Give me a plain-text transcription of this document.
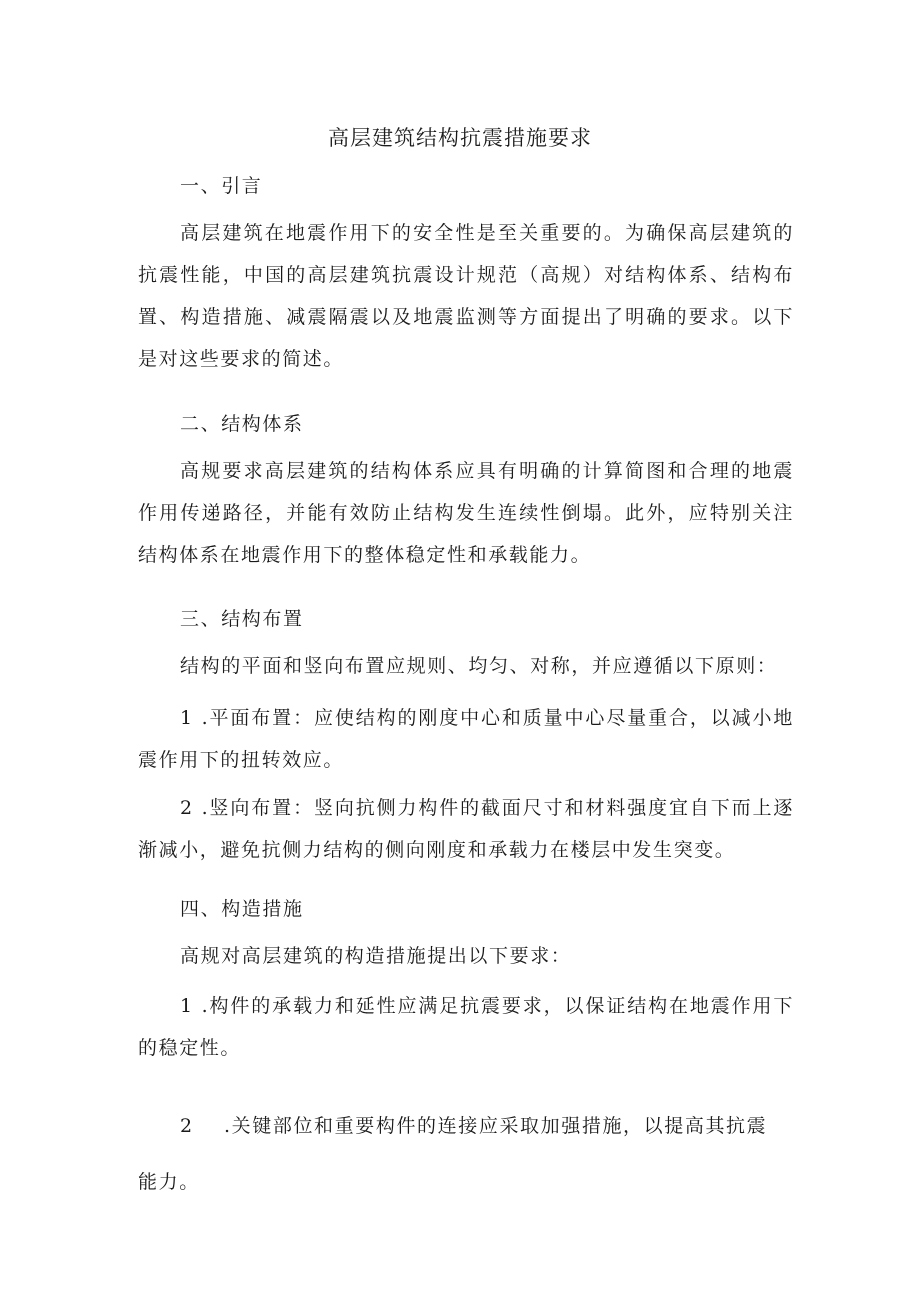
高层建筑结构抗震措施要求
一、引言
高层建筑在地震作用下的安全性是至关重要的。为确保高层建筑的抗震性能，中国的高层建筑抗震设计规范（高规）对结构体系、结构布置、构造措施、减震隔震以及地震监测等方面提出了明确的要求。以下是对这些要求的简述。
二、结构体系
高规要求高层建筑的结构体系应具有明确的计算简图和合理的地震作用传递路径，并能有效防止结构发生连续性倒塌。此外，应特别关注结构体系在地震作用下的整体稳定性和承载能力。
三、结构布置
结构的平面和竖向布置应规则、均匀、对称，并应遵循以下原则：
1 .平面布置：应使结构的刚度中心和质量中心尽量重合，以减小地震作用下的扭转效应。
2 .竖向布置：竖向抗侧力构件的截面尺寸和材料强度宜自下而上逐渐减小，避免抗侧力结构的侧向刚度和承载力在楼层中发生突变。
四、构造措施
高规对高层建筑的构造措施提出以下要求：
1 .构件的承载力和延性应满足抗震要求，以保证结构在地震作用下的稳定性。
2 .关键部位和重要构件的连接应采取加强措施，以提高其抗震能力。
